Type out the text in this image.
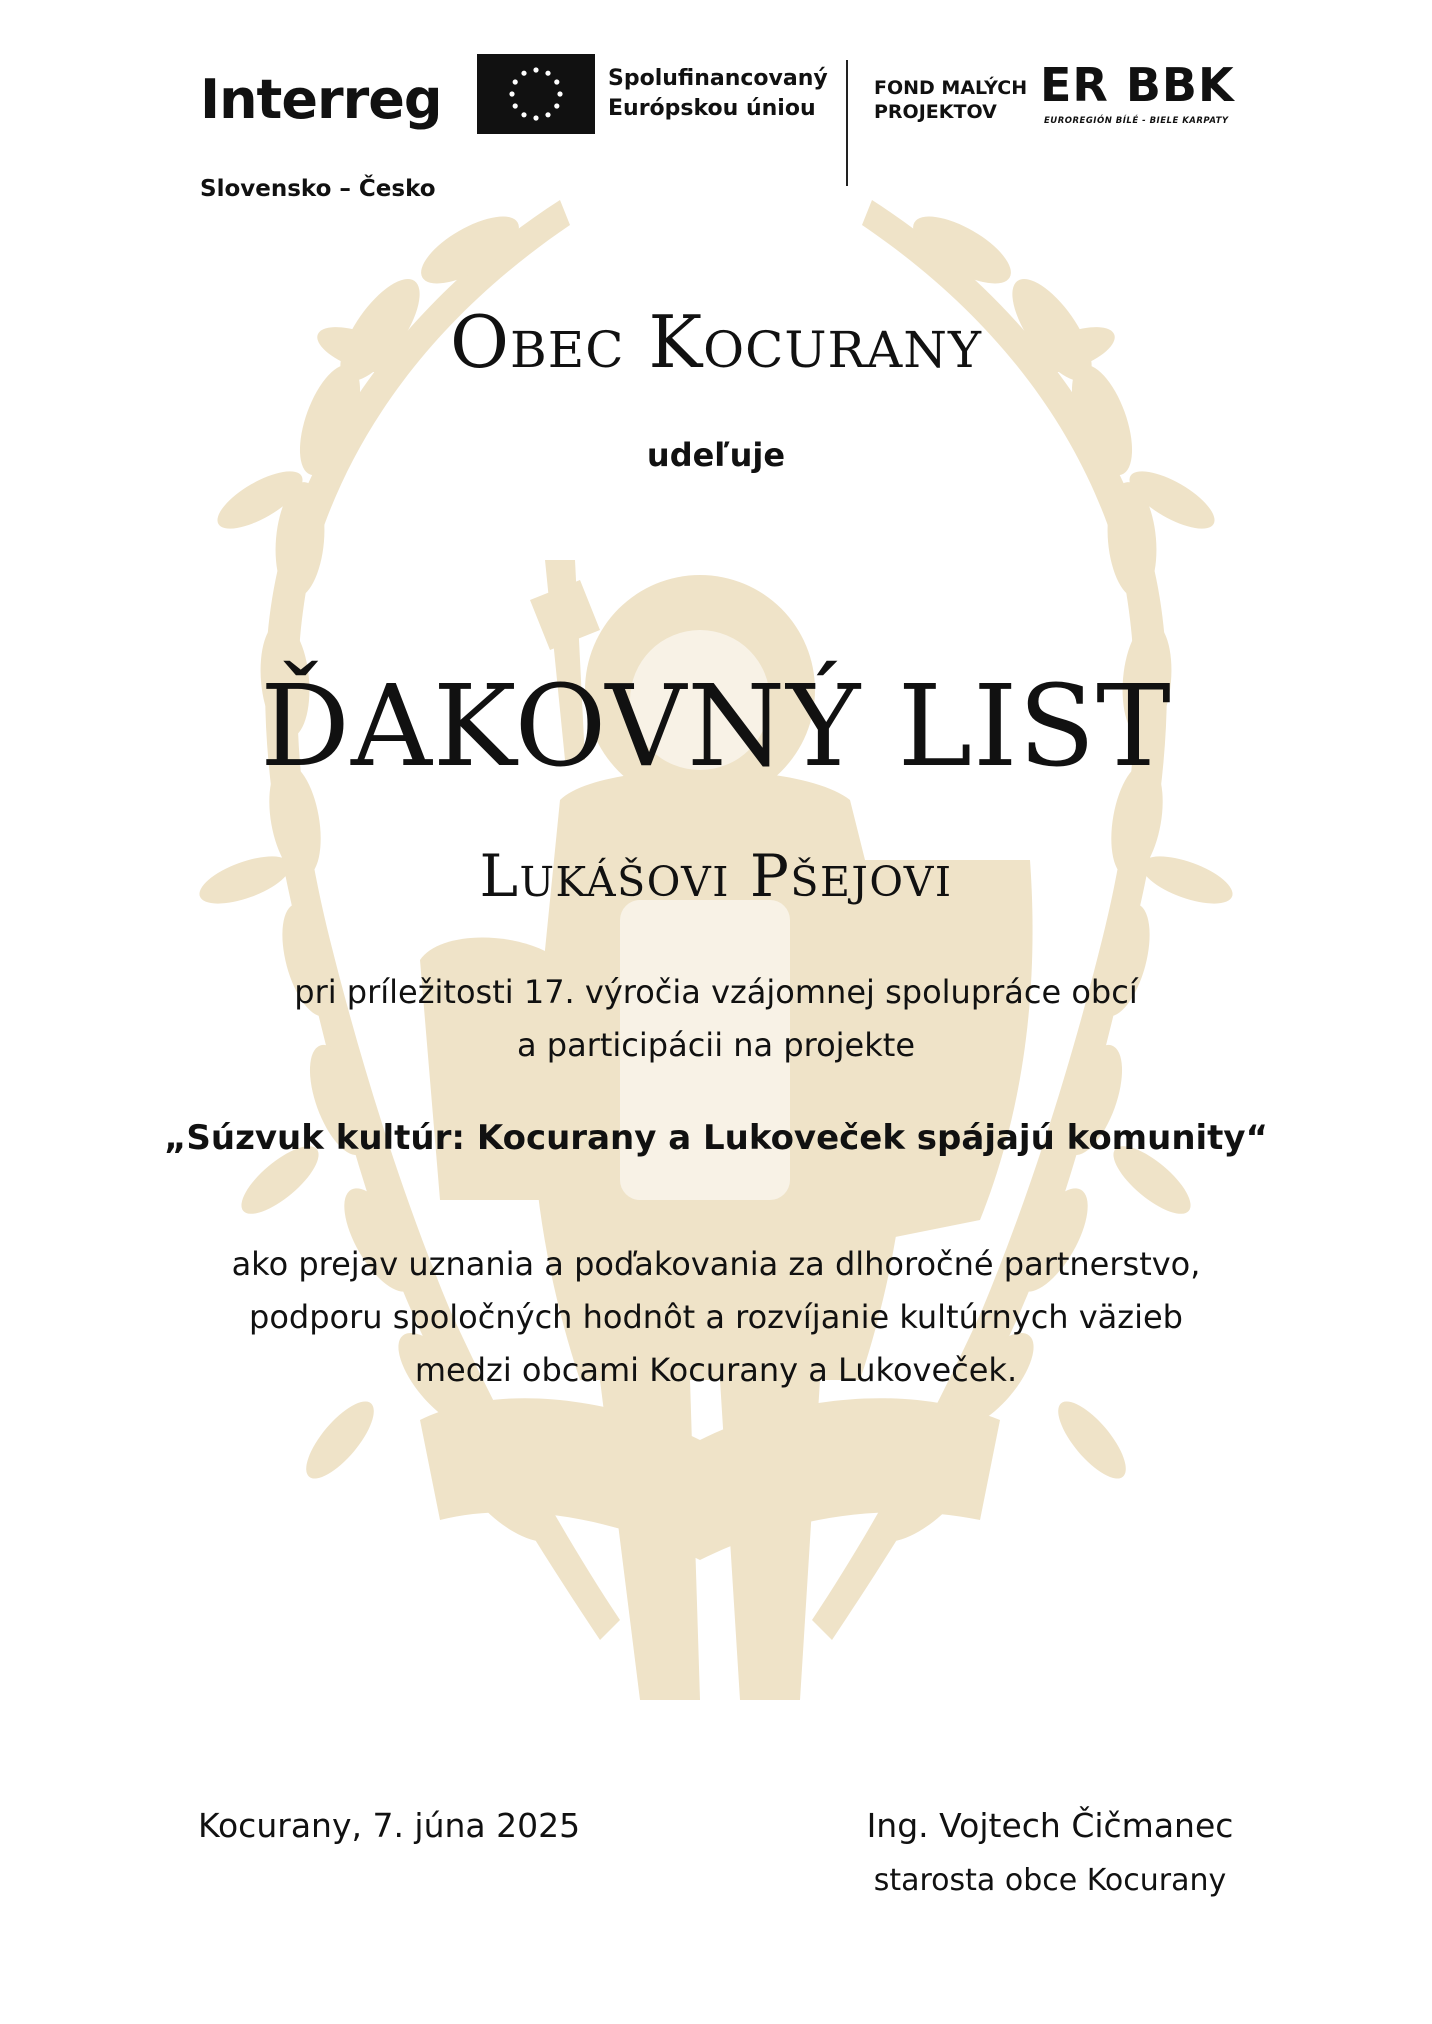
Interreg
Slovensko – Česko
Spolufinancovaný
Európskou úniou
FOND MALÝCH
PROJEKTOV ER BBK
EUROREGIÓN BÍLÉ - BIELE KARPATY
Obec Kocurany
udeľuje
ĎAKOVNÝ LIST
Lukášovi Pšejovi
pri príležitosti 17. výročia vzájomnej spolupráce obcí
a participácii na projekte
„Súzvuk kultúr: Kocurany a Lukoveček spájajú komunity“
ako prejav uznania a poďakovania za dlhoročné partnerstvo,
podporu spoločných hodnôt a rozvíjanie kultúrnych väzieb
medzi obcami Kocurany a Lukoveček.
Kocurany, 7. júna 2025	Ing. Vojtech Čičmanec
starosta obce Kocurany
